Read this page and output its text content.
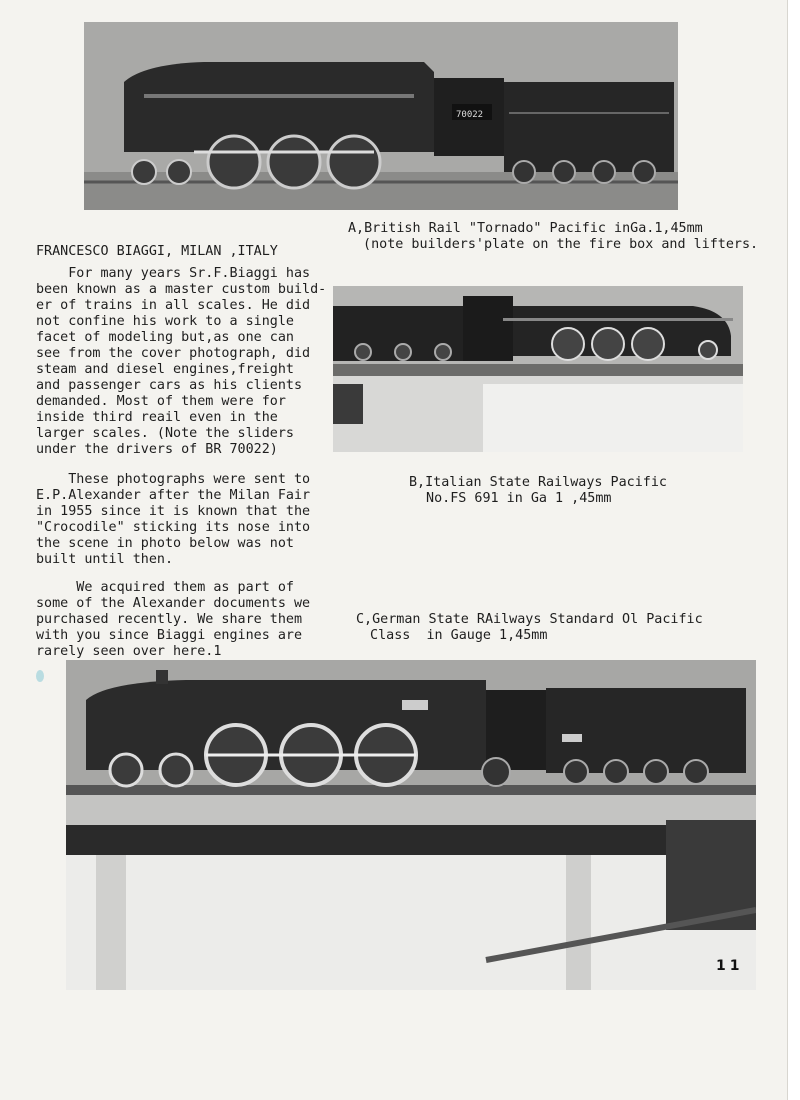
70022
A,British Rail "Tornado" Pacific inGa.1,45mm
(note builders'plate on the fire box and lifters.
B,Italian State Railways Pacific
No.FS 691 in Ga 1 ,45mm
C,German State RAilways Standard Ol Pacific
Class  in Gauge 1,45mm
FRANCESCO BIAGGI, MILAN ,ITALY
For many years Sr.F.Biaggi has
been known as a master custom build-
er of trains in all scales. He did
not confine his work to a single
facet of modeling but,as one can
see from the cover photograph, did
steam and diesel engines,freight
and passenger cars as his clients
demanded. Most of them were for
inside third reail even in the
larger scales. (Note the sliders
under the drivers of BR 70022)
These photographs were sent to
E.P.Alexander after the Milan Fair
in 1955 since it is known that the
"Crocodile" sticking its nose into
the scene in photo below was not
built until then.
We acquired them as part of
some of the Alexander documents we
purchased recently. We share them
with you since Biaggi engines are
rarely seen over here.1
11
